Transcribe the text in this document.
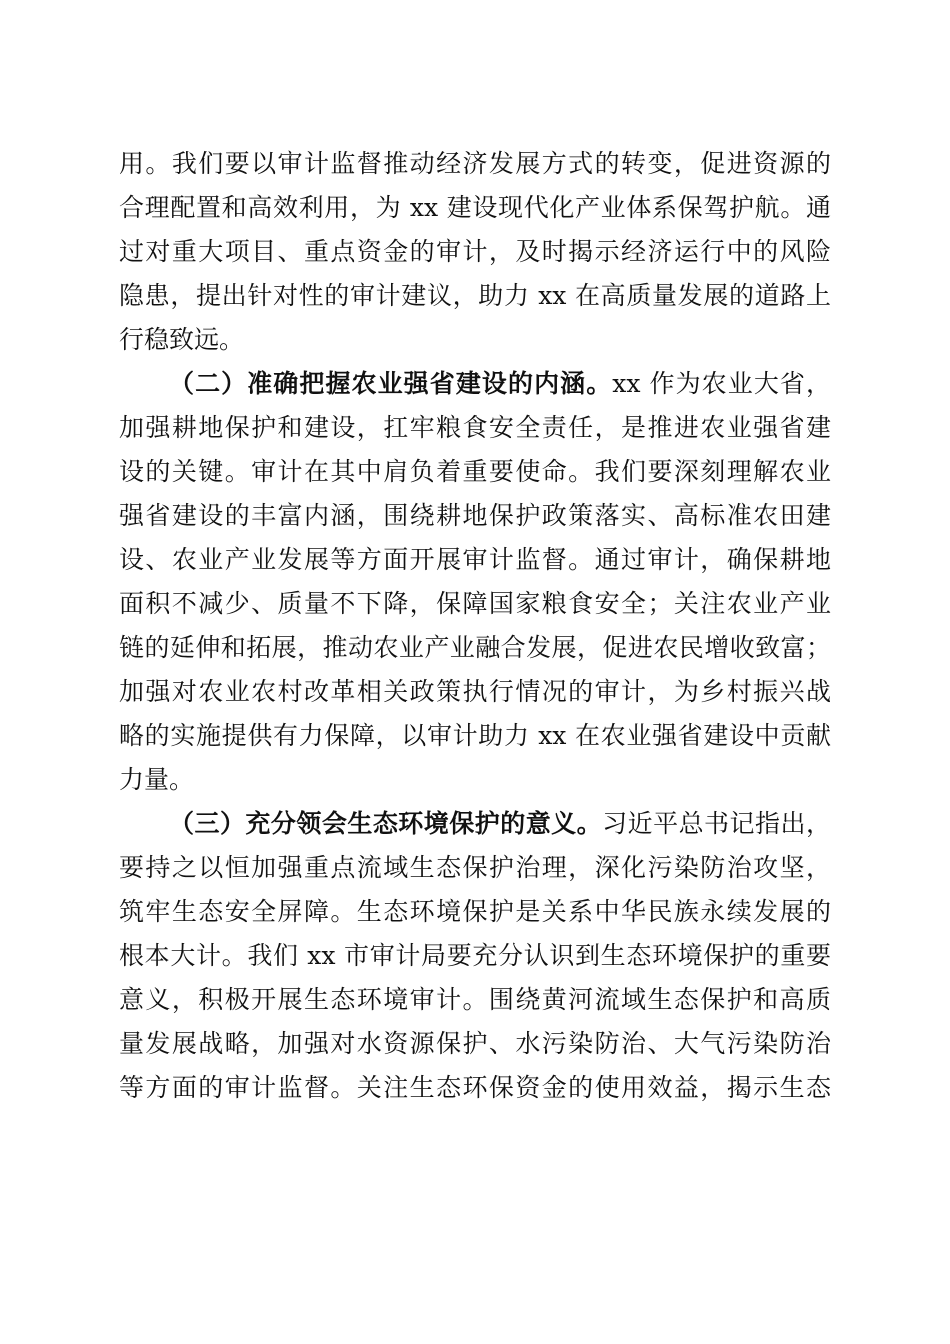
用。我们要以审计监督推动经济发展方式的转变，促进资源的
合理配置和高效利用，为 xx 建设现代化产业体系保驾护航。通
过对重大项目、重点资金的审计，及时揭示经济运行中的风险
隐患，提出针对性的审计建议，助力 xx 在高质量发展的道路上
行稳致远。
（二）准确把握农业强省建设的内涵。xx 作为农业大省，
加强耕地保护和建设，扛牢粮食安全责任，是推进农业强省建
设的关键。审计在其中肩负着重要使命。我们要深刻理解农业
强省建设的丰富内涵，围绕耕地保护政策落实、高标准农田建
设、农业产业发展等方面开展审计监督。通过审计，确保耕地
面积不减少、质量不下降，保障国家粮食安全；关注农业产业
链的延伸和拓展，推动农业产业融合发展，促进农民增收致富；
加强对农业农村改革相关政策执行情况的审计，为乡村振兴战
略的实施提供有力保障，以审计助力 xx 在农业强省建设中贡献
力量。
（三）充分领会生态环境保护的意义。习近平总书记指出，
要持之以恒加强重点流域生态保护治理，深化污染防治攻坚，
筑牢生态安全屏障。生态环境保护是关系中华民族永续发展的
根本大计。我们 xx 市审计局要充分认识到生态环境保护的重要
意义，积极开展生态环境审计。围绕黄河流域生态保护和高质
量发展战略，加强对水资源保护、水污染防治、大气污染防治
等方面的审计监督。关注生态环保资金的使用效益，揭示生态
